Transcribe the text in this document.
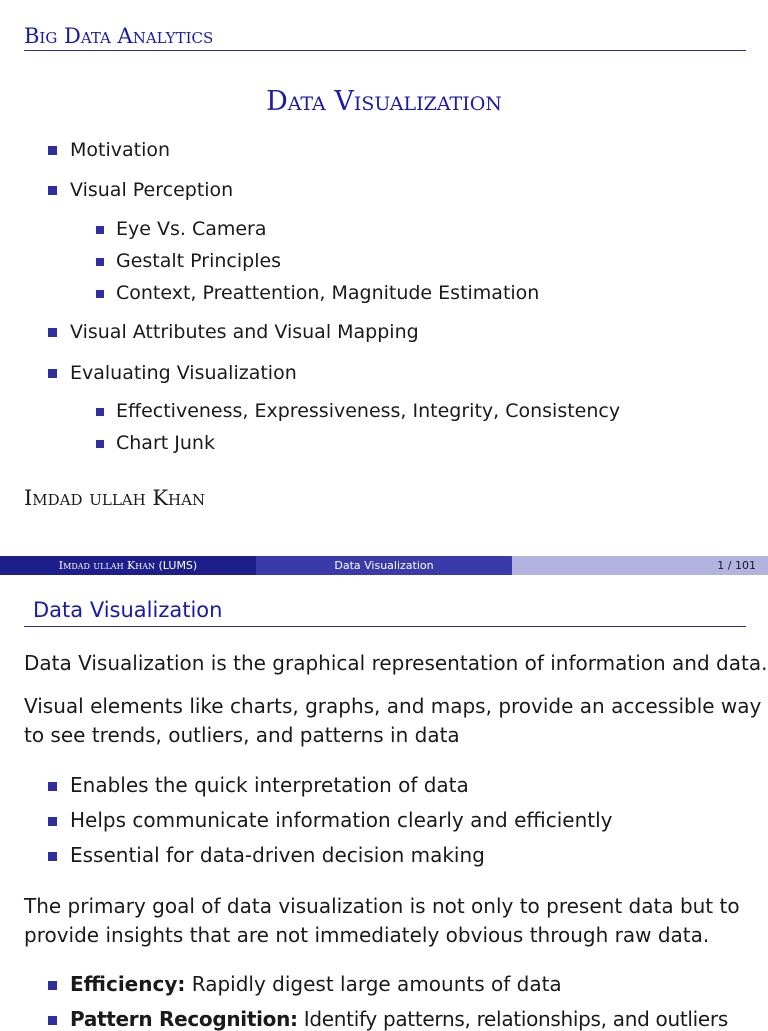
Big Data Analytics
Data Visualization
Motivation
Visual Perception
Eye Vs. Camera
Gestalt Principles
Context, Preattention, Magnitude Estimation
Visual Attributes and Visual Mapping
Evaluating Visualization
Effectiveness, Expressiveness, Integrity, Consistency
Chart Junk
Imdad ullah Khan
Imdad ullah Khan (LUMS)	Data Visualization	1 / 101
Data Visualization
Data Visualization is the graphical representation of information and data.
Visual elements like charts, graphs, and maps, provide an accessible way
to see trends, outliers, and patterns in data
Enables the quick interpretation of data
Helps communicate information clearly and efficiently
Essential for data-driven decision making
The primary goal of data visualization is not only to present data but to
provide insights that are not immediately obvious through raw data.
Efficiency: Rapidly digest large amounts of data
Pattern Recognition: Identify patterns, relationships, and outliers
